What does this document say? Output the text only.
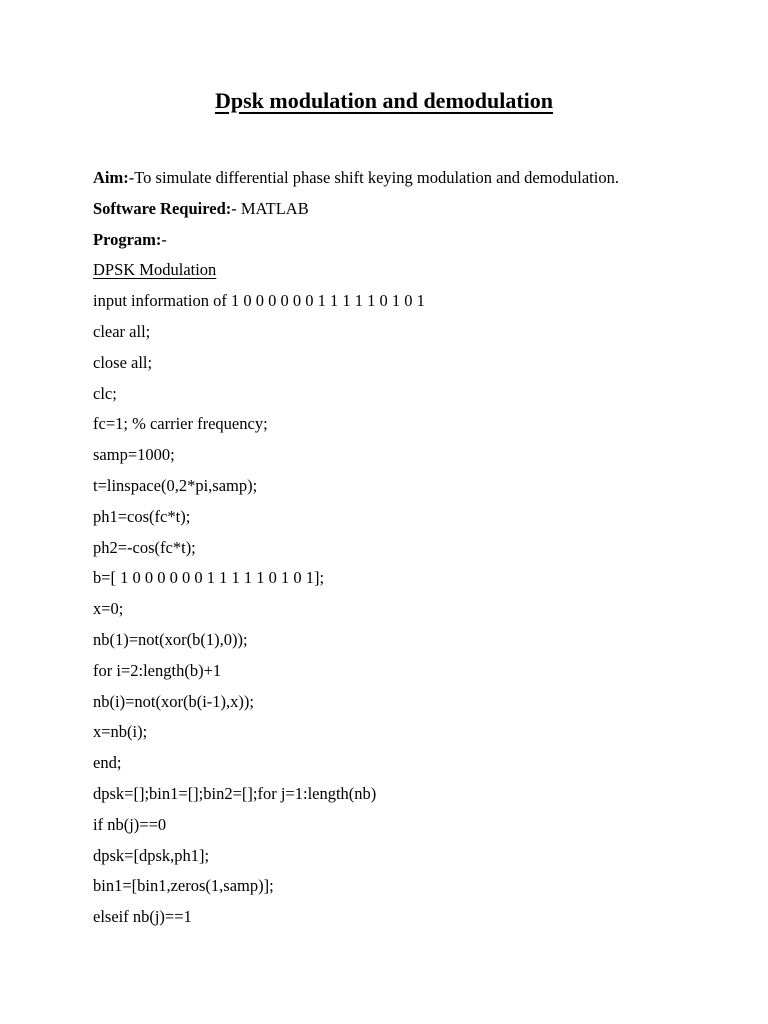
Dpsk modulation and demodulation
Aim:-To simulate differential phase shift keying modulation and demodulation.
Software Required:- MATLAB
Program:-
DPSK Modulation
input information of 1 0 0 0 0 0 0 1 1 1 1 1 0 1 0 1
clear all;
close all;
clc;
fc=1; % carrier frequency;
samp=1000;
t=linspace(0,2*pi,samp);
ph1=cos(fc*t);
ph2=-cos(fc*t);
b=[ 1 0 0 0 0 0 0 1 1 1 1 1 0 1 0 1];
x=0;
nb(1)=not(xor(b(1),0));
for i=2:length(b)+1
nb(i)=not(xor(b(i-1),x));
x=nb(i);
end;
dpsk=[];bin1=[];bin2=[];for j=1:length(nb)
if nb(j)==0
dpsk=[dpsk,ph1];
bin1=[bin1,zeros(1,samp)];
elseif nb(j)==1
